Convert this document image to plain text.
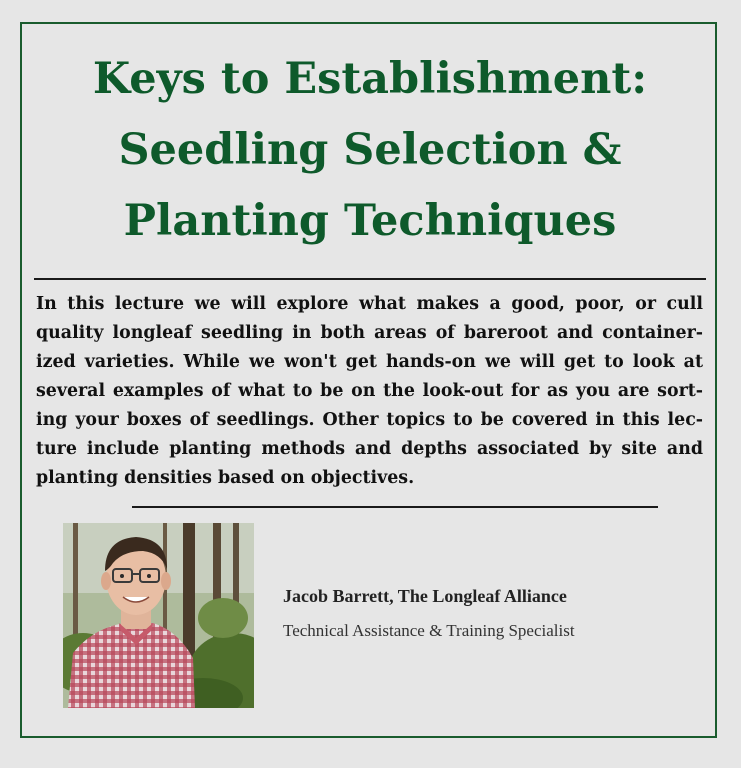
Keys to Establishment:
Seedling Selection &
Planting Techniques

In this lecture we will explore what makes a good, poor, or cull quality longleaf seedling in both areas of bareroot and container-ized varieties. While we won't get hands-on we will get to look at several examples of what to be on the look-out for as you are sort-ing your boxes of seedlings. Other topics to be covered in this lec-ture include planting methods and depths associated by site and planting densities based on objectives.

Jacob Barrett, The Longleaf Alliance

Technical Assistance & Training Specialist
